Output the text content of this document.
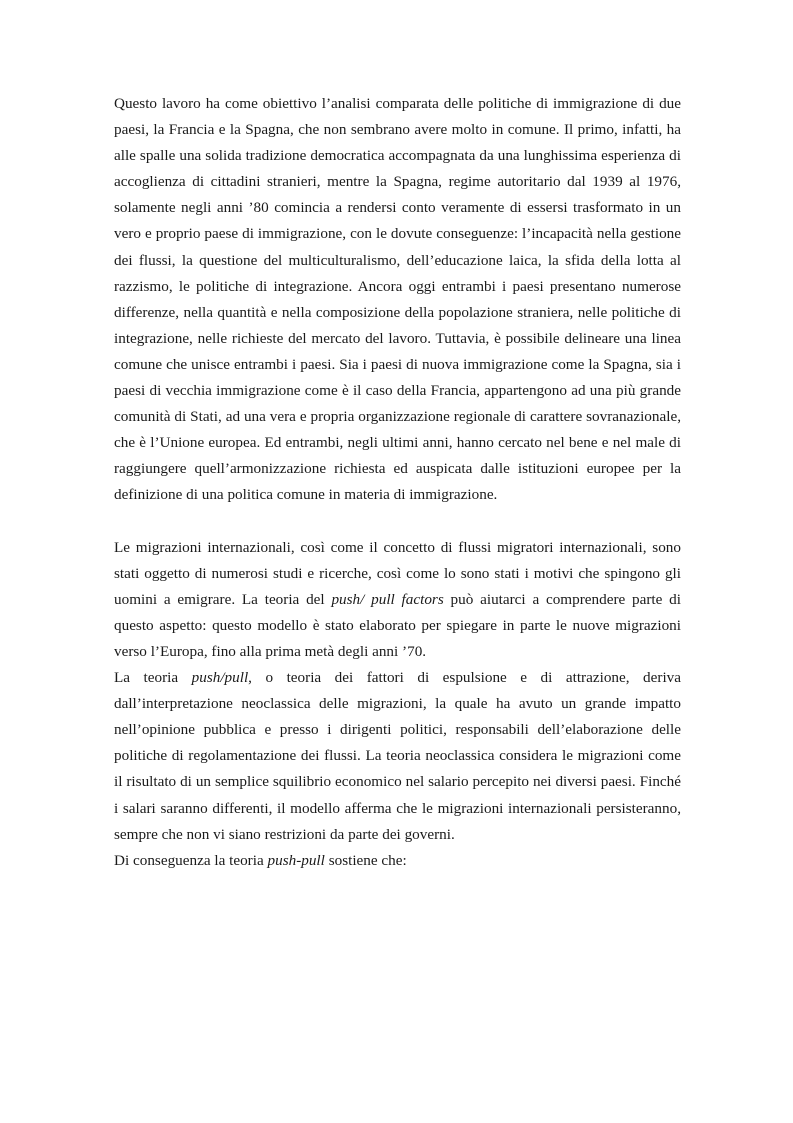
Questo lavoro ha come obiettivo l’analisi comparata delle politiche di immigrazione di due paesi, la Francia e la Spagna, che non sembrano avere molto in comune. Il primo, infatti, ha alle spalle una solida tradizione democratica accompagnata da una lunghissima esperienza di accoglienza di cittadini stranieri, mentre la Spagna, regime autoritario dal 1939 al 1976, solamente negli anni ’80 comincia a rendersi conto veramente di essersi trasformato in un vero e proprio paese di immigrazione, con le dovute conseguenze: l’incapacità nella gestione dei flussi, la questione del multiculturalismo, dell’educazione laica, la sfida della lotta al razzismo, le politiche di integrazione. Ancora oggi entrambi i paesi presentano numerose differenze, nella quantità e nella composizione della popolazione straniera, nelle politiche di integrazione, nelle richieste del mercato del lavoro. Tuttavia, è possibile delineare una linea comune che unisce entrambi i paesi. Sia i paesi di nuova immigrazione come la Spagna, sia i paesi di vecchia immigrazione come è il caso della Francia, appartengono ad una più grande comunità di Stati, ad una vera e propria organizzazione regionale di carattere sovranazionale, che è l’Unione europea. Ed entrambi, negli ultimi anni, hanno cercato nel bene e nel male di raggiungere quell’armonizzazione richiesta ed auspicata dalle istituzioni europee per la definizione di una politica comune in materia di immigrazione.

Le migrazioni internazionali, così come il concetto di flussi migratori internazionali, sono stati oggetto di numerosi studi e ricerche, così come lo sono stati i motivi che spingono gli uomini a emigrare. La teoria del push/ pull factors può aiutarci a comprendere parte di questo aspetto: questo modello è stato elaborato per spiegare in parte le nuove migrazioni verso l’Europa, fino alla prima metà degli anni ’70.

La teoria push/pull, o teoria dei fattori di espulsione e di attrazione, deriva dall’interpretazione neoclassica delle migrazioni, la quale ha avuto un grande impatto nell’opinione pubblica e presso i dirigenti politici, responsabili dell’elaborazione delle politiche di regolamentazione dei flussi. La teoria neoclassica considera le migrazioni come il risultato di un semplice squilibrio economico nel salario percepito nei diversi paesi. Finché i salari saranno differenti, il modello afferma che le migrazioni internazionali persisteranno, sempre che non vi siano restrizioni da parte dei governi.

Di conseguenza la teoria push-pull sostiene che:
